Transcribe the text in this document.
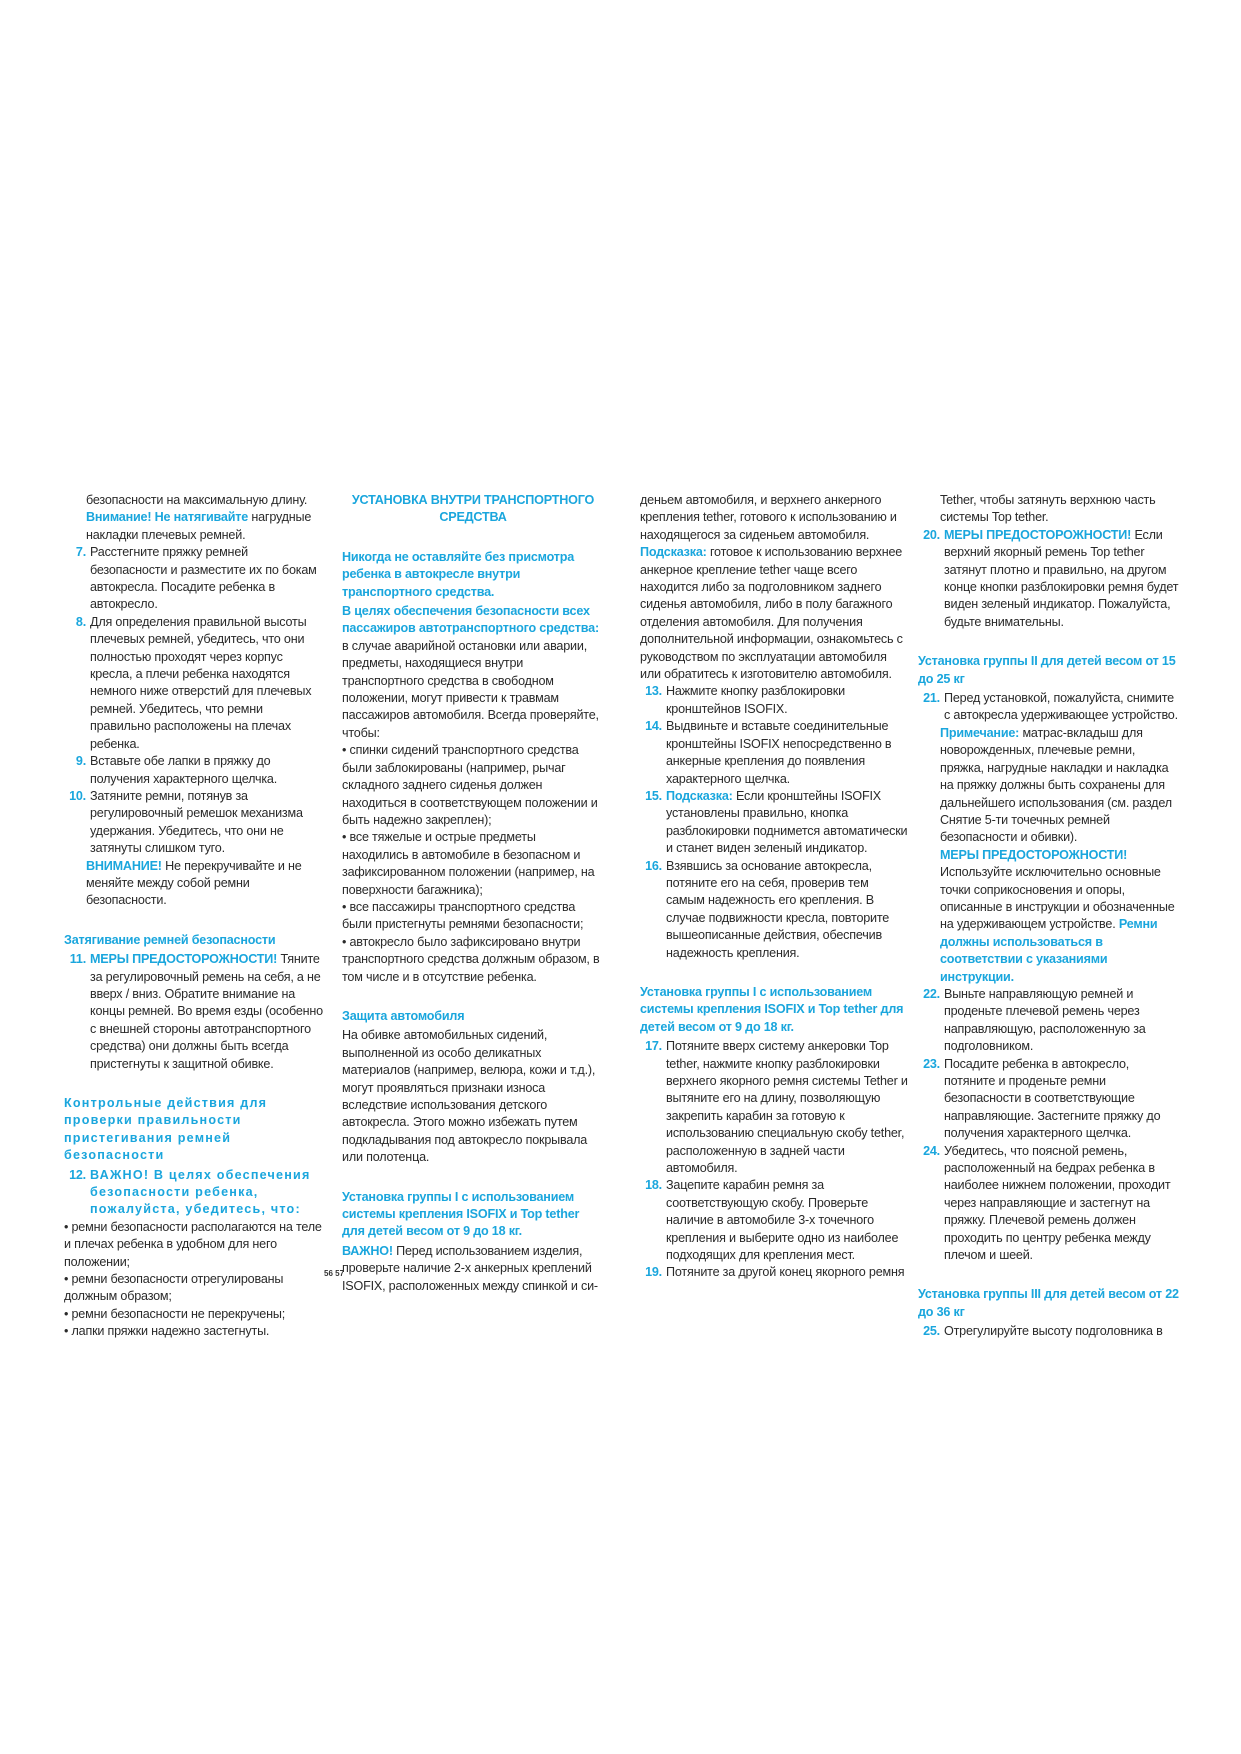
безопасности на максимальную длину.

Внимание! Не натягивайте нагрудные накладки плечевых ремней.

7. Расстегните пряжку ремней безопасности и разместите их по бокам автокресла. Посадите ребенка в автокресло.
8. Для определения правильной высоты плечевых ремней, убедитесь, что они полностью проходят через корпус кресла, а плечи ребенка находятся немного ниже отверстий для плечевых ремней. Убедитесь, что ремни правильно расположены на плечах ребенка.
9. Вставьте обе лапки в пряжку до получения характерного щелчка.
10. Затяните ремни, потянув за регулировочный ремешок механизма удержания. Убедитесь, что они не затянуты слишком туго.

ВНИМАНИЕ! Не перекручивайте и не меняйте между собой ремни безопасности.

Затягивание ремней безопасности

11. МЕРЫ ПРЕДОСТОРОЖНОСТИ! Тяните за регулировочный ремень на себя, а не вверх / вниз. Обратите внимание на концы ремней. Во время езды (особенно с внешней стороны автотранспортного средства) они должны быть всегда пристегнуты к защитной обивке.

Контрольные действия для проверки правильности пристегивания ремней безопасности

12. ВАЖНО! В целях обеспечения безопасности ребенка, пожалуйста, убедитесь, что:

• ремни безопасности располагаются на теле и плечах ребенка в удобном для него положении;

• ремни безопасности отрегулированы должным образом;

• ремни безопасности не перекручены;

• лапки пряжки надежно застегнуты.

УСТАНОВКА ВНУТРИ ТРАНСПОРТНОГО СРЕДСТВА

Никогда не оставляйте без присмотра ребенка в автокресле внутри транспортного средства.

В целях обеспечения безопасности всех пассажиров автотранспортного средства:

в случае аварийной остановки или аварии, предметы, находящиеся внутри транспортного средства в свободном положении, могут привести к травмам пассажиров автомобиля. Всегда проверяйте, чтобы:

• спинки сидений транспортного средства были заблокированы (например, рычаг складного заднего сиденья должен находиться в соответствующем положении и быть надежно закреплен);

• все тяжелые и острые предметы находились в автомобиле в безопасном и зафиксированном положении (например, на поверхности багажника);

• все пассажиры транспортного средства были пристегнуты ремнями безопасности;

• автокресло было зафиксировано внутри транспортного средства должным образом, в том числе и в отсутствие ребенка.

Защита автомобиля

На обивке автомобильных сидений, выполненной из особо деликатных материалов (например, велюра, кожи и т.д.), могут проявляться признаки износа вследствие использования детского автокресла. Этого можно избежать путем подкладывания под автокресло покрывала или полотенца.

Установка группы I с использованием системы крепления ISOFIX и Top tether для детей весом от 9 до 18 кг.

ВАЖНО! Перед использованием изделия, проверьте наличие 2-х анкерных креплений ISOFIX, расположенных между спинкой и си-

деньем автомобиля, и верхнего анкерного крепления tether, готового к использованию и находящегося за сиденьем автомобиля.

Подсказка: готовое к использованию верхнее анкерное крепление tether чаще всего находится либо за подголовником заднего сиденья автомобиля, либо в полу багажного отделения автомобиля. Для получения дополнительной информации, ознакомьтесь с руководством по эксплуатации автомобиля или обратитесь к изготовителю автомобиля.

13. Нажмите кнопку разблокировки кронштейнов ISOFIX.
14. Выдвиньте и вставьте соединительные кронштейны ISOFIX непосредственно в анкерные крепления до появления характерного щелчка.
15. Подсказка: Если кронштейны ISOFIX установлены правильно, кнопка разблокировки поднимется автоматически и станет виден зеленый индикатор.
16. Взявшись за основание автокресла, потяните его на себя, проверив тем самым надежность его крепления. В случае подвижности кресла, повторите вышеописанные действия, обеспечив надежность крепления.

Установка группы I с использованием системы крепления ISOFIX и Top tether для детей весом от 9 до 18 кг.

17. Потяните вверх систему анкеровки Top tether, нажмите кнопку разблокировки верхнего якорного ремня системы Tether и вытяните его на длину, позволяющую закрепить карабин за готовую к использованию специальную скобу tether, расположенную в задней части автомобиля.
18. Зацепите карабин ремня за соответствующую скобу. Проверьте наличие в автомобиле 3-х точечного крепления и выберите одно из наиболее подходящих для крепления мест.
19. Потяните за другой конец якорного ремня

Tether, чтобы затянуть верхнюю часть системы Top tether.

20. МЕРЫ ПРЕДОСТОРОЖНОСТИ! Если верхний якорный ремень Top tether затянут плотно и правильно, на другом конце кнопки разблокировки ремня будет виден зеленый индикатор. Пожалуйста, будьте внимательны.

Установка группы II для детей весом от 15 до 25 кг

21. Перед установкой, пожалуйста, снимите с автокресла удерживающее устройство.

Примечание: матрас-вкладыш для новорожденных, плечевые ремни, пряжка, нагрудные накладки и накладка на пряжку должны быть сохранены для дальнейшего использования (см. раздел Снятие 5-ти точечных ремней безопасности и обивки).

МЕРЫ ПРЕДОСТОРОЖНОСТИ! Используйте исключительно основные точки соприкосновения и опоры, описанные в инструкции и обозначенные на удерживающем устройстве. Ремни должны использоваться в соответствии с указаниями инструкции.

22. Выньте направляющую ремней и проденьте плечевой ремень через направляющую, расположенную за подголовником.
23. Посадите ребенка в автокресло, потяните и проденьте ремни безопасности в соответствующие направляющие. Застегните пряжку до получения характерного щелчка.
24. Убедитесь, что поясной ремень, расположенный на бедрах ребенка в наиболее нижнем положении, проходит через направляющие и застегнут на пряжку. Плечевой ремень должен проходить по центру ребенка между плечом и шеей.

Установка группы III для детей весом от 22 до 36 кг

25. Отрегулируйте высоту подголовника в
56 57
